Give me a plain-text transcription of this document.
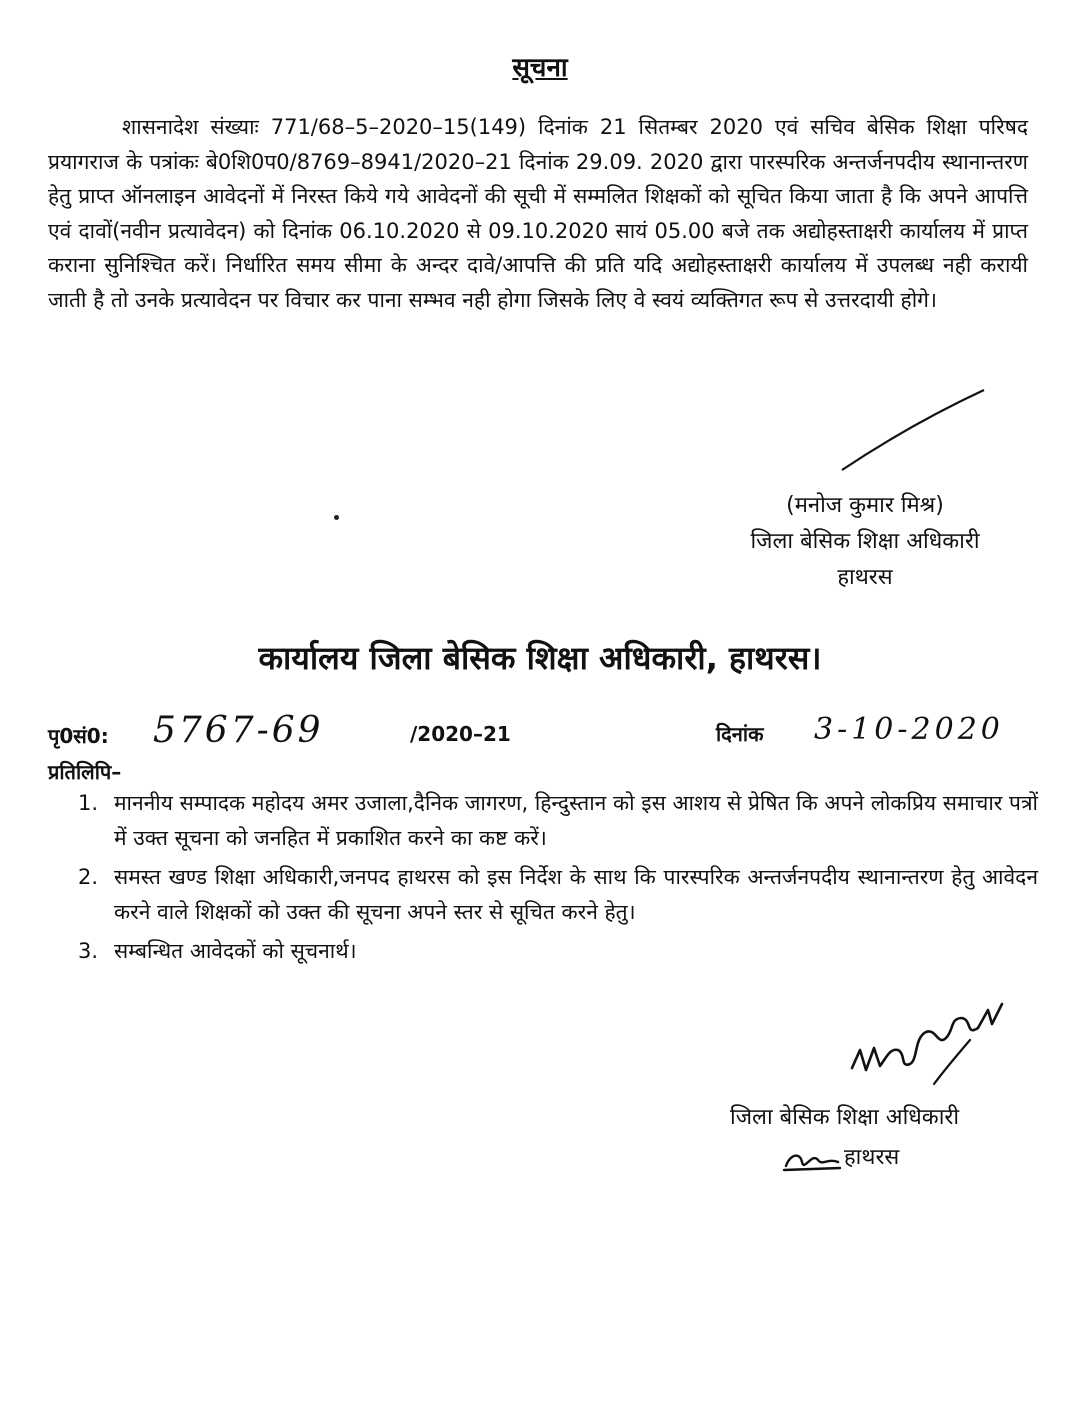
सूचना
शासनादेश संख्याः 771/68–5–2020–15(149) दिनांक 21 सितम्बर 2020 एवं सचिव बेसिक शिक्षा परिषद प्रयागराज के पत्रांकः बे0शि0प0/8769–8941/2020–21 दिनांक 29.09. 2020 द्वारा पारस्परिक अन्तर्जनपदीय स्थानान्तरण हेतु प्राप्त ऑनलाइन आवेदनों में निरस्त किये गये आवेदनों की सूची में सम्मलित शिक्षकों को सूचित किया जाता है कि अपने आपत्ति एवं दावों(नवीन प्रत्यावेदन) को दिनांक 06.10.2020 से 09.10.2020 सायं 05.00 बजे तक अद्योहस्ताक्षरी कार्यालय में प्राप्त कराना सुनिश्चित करें। निर्धारित समय सीमा के अन्दर दावे/आपत्ति की प्रति यदि अद्योहस्ताक्षरी कार्यालय में उपलब्ध नही करायी जाती है तो उनके प्रत्यावेदन पर विचार कर पाना सम्भव नही होगा जिसके लिए वे स्वयं व्यक्तिगत रूप से उत्तरदायी होगे।
(मनोज कुमार मिश्र)
जिला बेसिक शिक्षा अधिकारी
हाथरस
कार्यालय जिला बेसिक शिक्षा अधिकारी, हाथरस।
पृ0सं0: 5767-69	/2020–21	दिनांक 3-10-2020
प्रतिलिपि–
1. माननीय सम्पादक महोदय अमर उजाला,दैनिक जागरण, हिन्दुस्तान को इस आशय से प्रेषित कि अपने लोकप्रिय समाचार पत्रों में उक्त सूचना को जनहित में प्रकाशित करने का कष्ट करें।
2. समस्त खण्ड शिक्षा अधिकारी,जनपद हाथरस को इस निर्देश के साथ कि पारस्परिक अन्तर्जनपदीय स्थानान्तरण हेतु आवेदन करने वाले शिक्षकों को उक्त की सूचना अपने स्तर से सूचित करने हेतु।
3. सम्बन्धित आवेदकों को सूचनार्थ।
जिला बेसिक शिक्षा अधिकारी
हाथरस
